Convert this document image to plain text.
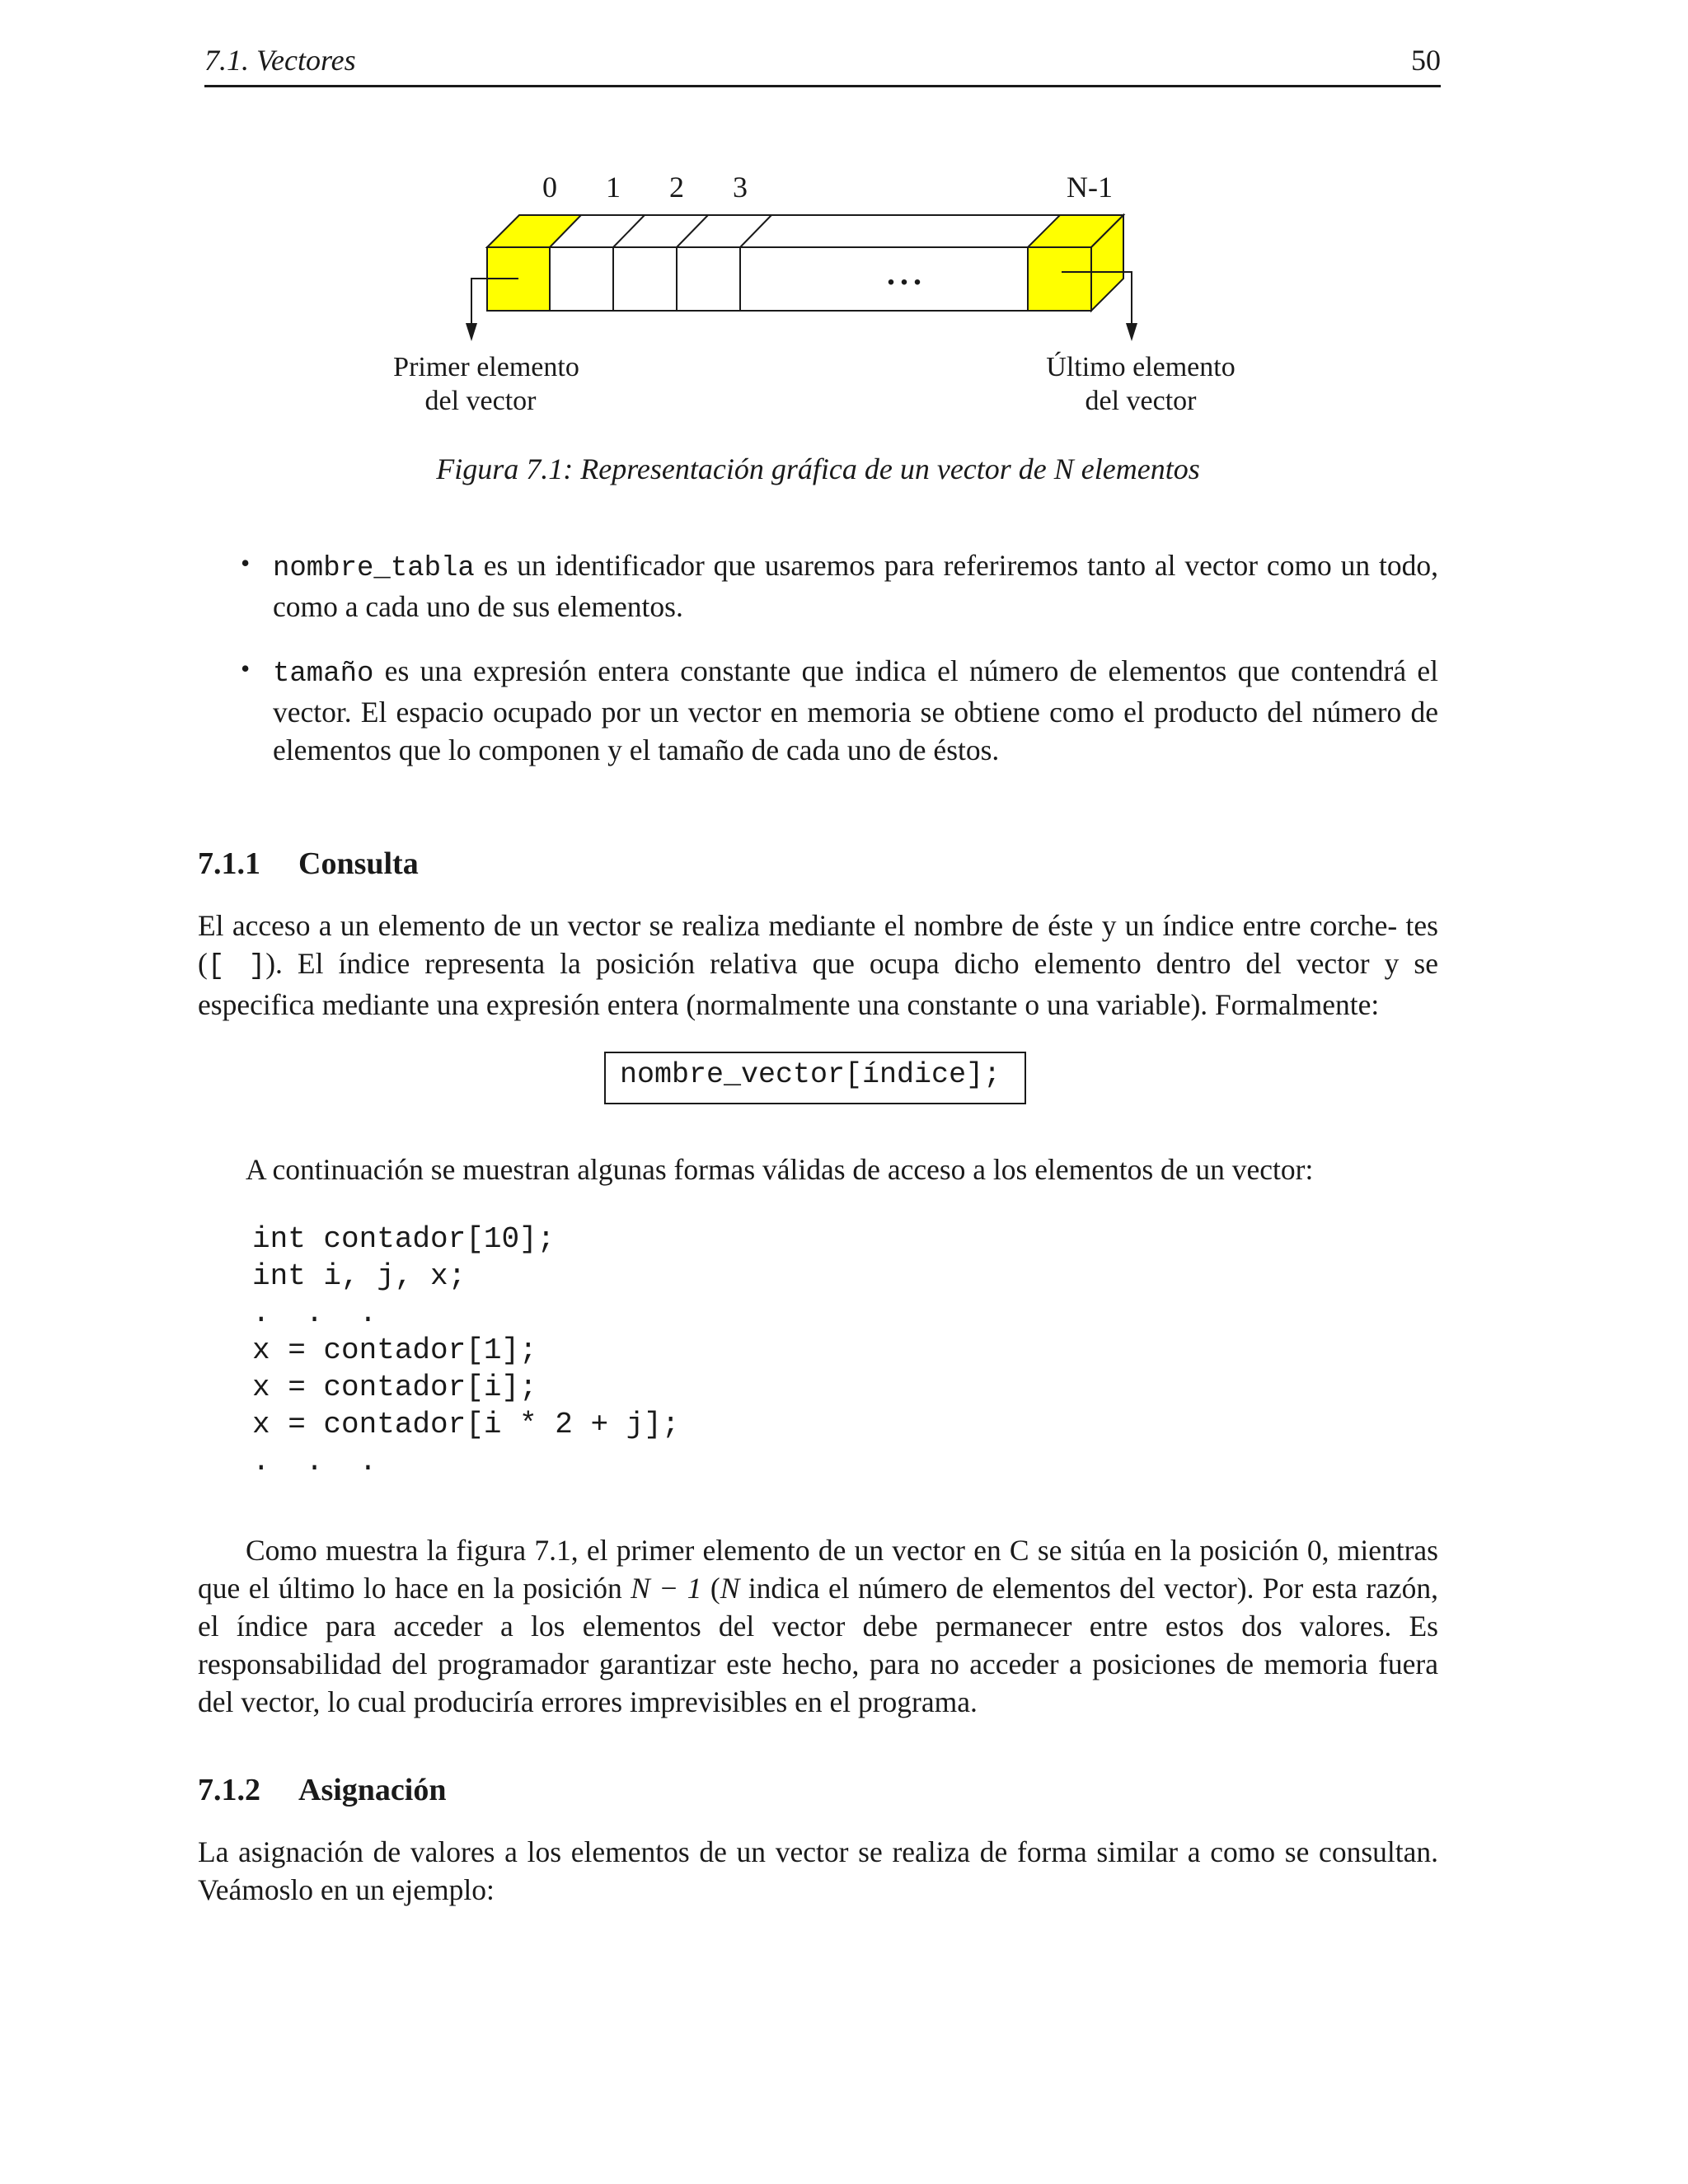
7.1. Vectores	50
0 1 2 3	N-1
...
Primer elemento
del vector
Último elemento
del vector
Figura 7.1: Representación gráfica de un vector de N elementos
• nombre_tabla es un identificador que usaremos para referiremos tanto al vector como un todo, como a cada uno de sus elementos.
• tamaño es una expresión entera constante que indica el número de elementos que contendrá el vector. El espacio ocupado por un vector en memoria se obtiene como el producto del número de elementos que lo componen y el tamaño de cada uno de éstos.
7.1.1 Consulta
El acceso a un elemento de un vector se realiza mediante el nombre de éste y un índice entre corche- tes ([ ]). El índice representa la posición relativa que ocupa dicho elemento dentro del vector y se especifica mediante una expresión entera (normalmente una constante o una variable). Formalmente:
nombre_vector[índice];
A continuación se muestran algunas formas válidas de acceso a los elementos de un vector:
int contador[10];
int i, j, x;
.  .  .
x = contador[1];
x = contador[i];
x = contador[i * 2 + j];
.  .  .
Como muestra la figura 7.1, el primer elemento de un vector en C se sitúa en la posición 0, mientras que el último lo hace en la posición N − 1 (N indica el número de elementos del vector). Por esta razón, el índice para acceder a los elementos del vector debe permanecer entre estos dos valores. Es responsabilidad del programador garantizar este hecho, para no acceder a posiciones de memoria fuera del vector, lo cual produciría errores imprevisibles en el programa.
7.1.2 Asignación
La asignación de valores a los elementos de un vector se realiza de forma similar a como se consultan. Veámoslo en un ejemplo:
